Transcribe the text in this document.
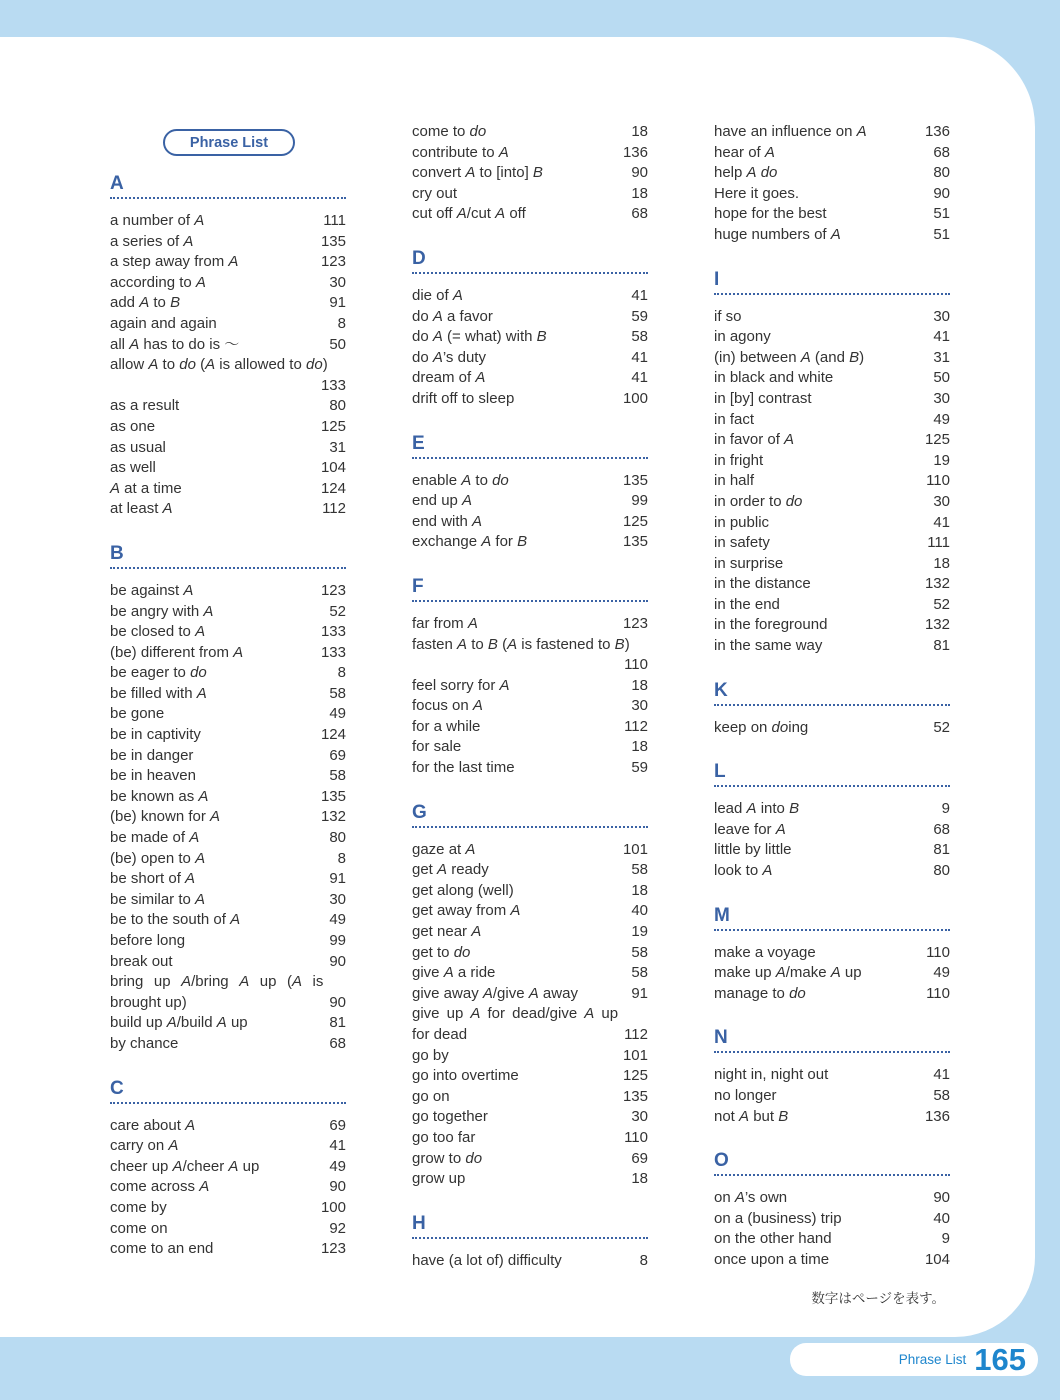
Phrase List
A
a number of A	111
a series of A	135
a step away from A	123
according to A	30
add A to B	91
again and again	8
all A has to do is 〜	50
allow A to do (A is allowed to do)
133
as a result	80
as one	125
as usual	31
as well	104
A at a time	124
at least A	112
B
be against A	123
be angry with A	52
be closed to A	133
(be) different from A	133
be eager to do	8
be filled with A	58
be gone	49
be in captivity	124
be in danger	69
be in heaven	58
be known as A	135
(be) known for A	132
be made of A	80
(be) open to A	8
be short of A	91
be similar to A	30
be to the south of A	49
before long	99
break out	90
bring up A/bring A up (A is brought up)	90
build up A/build A up	81
by chance	68
C
care about A	69
carry on A	41
cheer up A/cheer A up	49
come across A	90
come by	100
come on	92
come to an end	123
come to do	18
contribute to A	136
convert A to [into] B	90
cry out	18
cut off A/cut A off	68
D
die of A	41
do A a favor	59
do A (= what) with B	58
do A’s duty	41
dream of A	41
drift off to sleep	100
E
enable A to do	135
end up A	99
end with A	125
exchange A for B	135
F
far from A	123
fasten A to B (A is fastened to B)
110
feel sorry for A	18
focus on A	30
for a while	112
for sale	18
for the last time	59
G
gaze at A	101
get A ready	58
get along (well)	18
get away from A	40
get near A	19
get to do	58
give A a ride	58
give away A/give A away	91
give up A for dead/give A up for dead	112
go by	101
go into overtime	125
go on	135
go together	30
go too far	110
grow to do	69
grow up	18
H
have (a lot of) difficulty	8
have an influence on A	136
hear of A	68
help A do	80
Here it goes.	90
hope for the best	51
huge numbers of A	51
I
if so	30
in agony	41
(in) between A (and B)	31
in black and white	50
in [by] contrast	30
in fact	49
in favor of A	125
in fright	19
in half	110
in order to do	30
in public	41
in safety	111
in surprise	18
in the distance	132
in the end	52
in the foreground	132
in the same way	81
K
keep on doing	52
L
lead A into B	9
leave for A	68
little by little	81
look to A	80
M
make a voyage	110
make up A/make A up	49
manage to do	110
N
night in, night out	41
no longer	58
not A but B	136
O
on A’s own	90
on a (business) trip	40
on the other hand	9
once upon a time	104
数字はページを表す。
Phrase List 165
